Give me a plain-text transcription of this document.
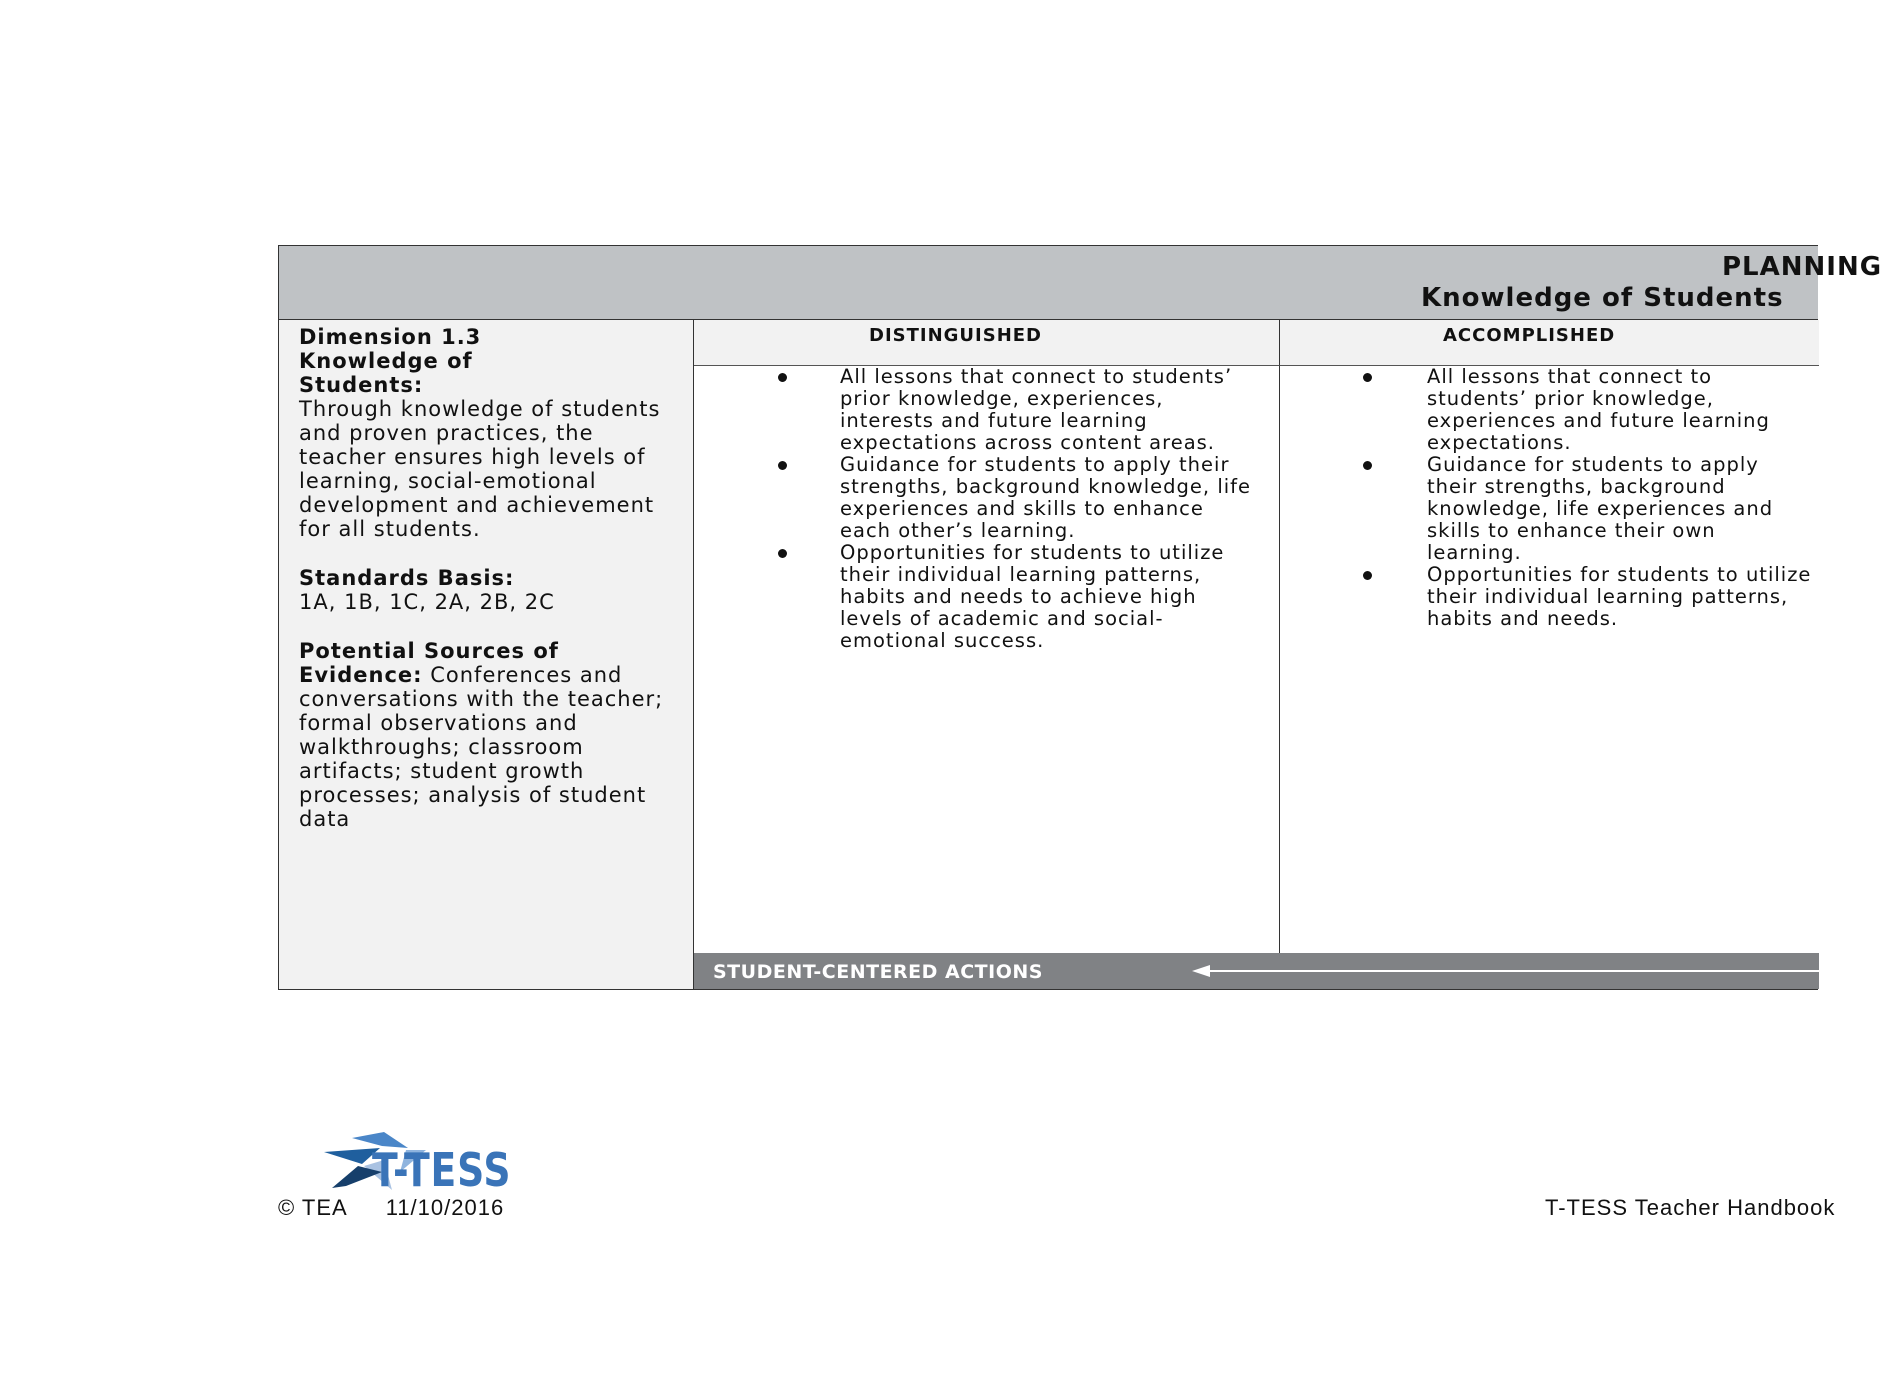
PLANNING
Knowledge of Students

Dimension 1.3

Knowledge of Students:

Through knowledge of students and proven practices, the teacher ensures high levels of learning, social-emotional development and achievement for all students.

Standards Basis:

1A, 1B, 1C, 2A, 2B, 2C

Potential Sources of Evidence: Conferences and conversations with the teacher; formal observations and walkthroughs; classroom artifacts; student growth processes; analysis of student data

DISTINGUISHED	ACCOMPLISHED
All lessons that connect to students’ prior knowledge, experiences, interests and future learning expectations across content areas.
Guidance for students to apply their strengths, background knowledge, life experiences and skills to enhance each other’s learning.
Opportunities for students to utilize their individual learning patterns, habits and needs to achieve high levels of academic and social-emotional success.
All lessons that connect to students’ prior knowledge, experiences and future learning expectations.
Guidance for students to apply their strengths, background knowledge, life experiences and skills to enhance their own learning.
Opportunities for students to utilize their individual learning patterns, habits and needs.
STUDENT-CENTERED ACTIONS
T-TESS
© TEA 11/10/2016	T-TESS Teacher Handbook
